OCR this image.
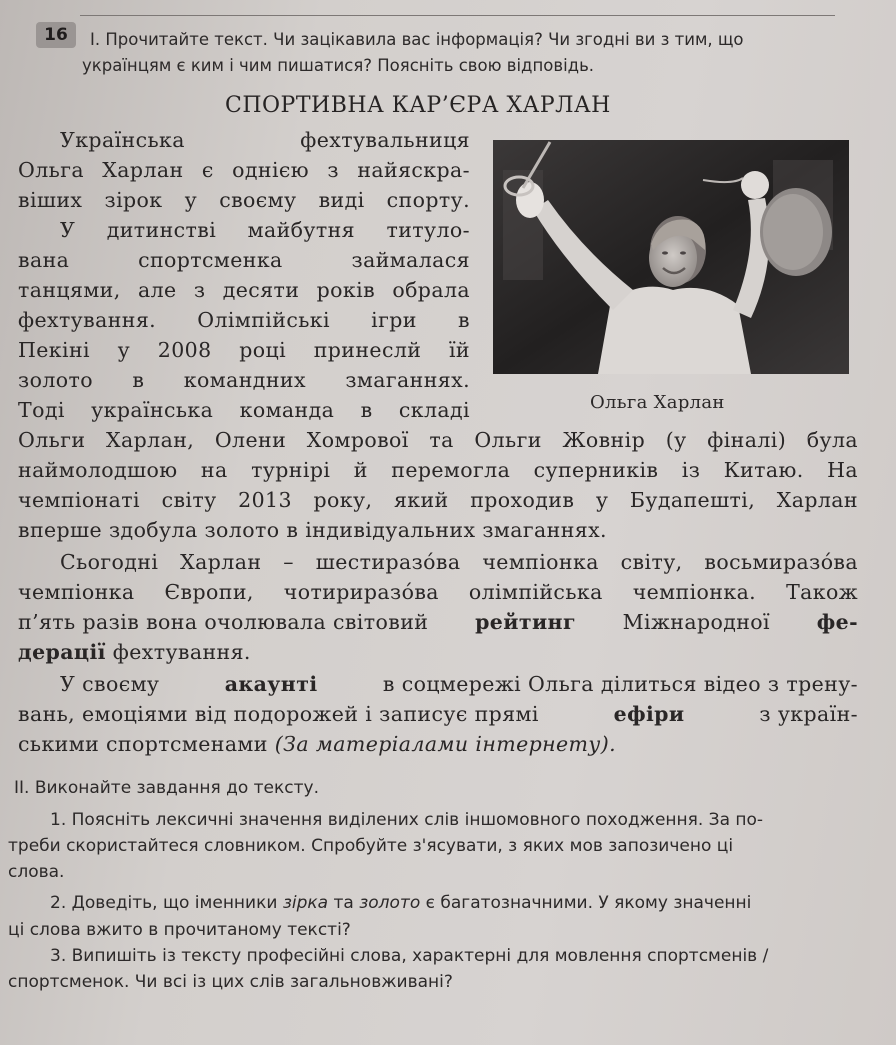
16	I. Прочитайте текст. Чи зацікавила вас інформація? Чи згодні ви з тим, що
українцям є ким і чим пишатися? Поясніть свою відповідь.
СПОРТИВНА КАР’ЄРА ХАРЛАН
Українська фехтувальниця
Ольга Харлан є однією з найяскра-
віших зірок у своєму виді спорту.
У дитинстві майбутня титуло-
вана спортсменка займалася
танцями, але з десяти років обрала
фехтування. Олімпійські ігри в
Пекіні у 2008 році принеслй їй
золото в командних змаганнях.
Тоді українська команда в складі	Ольга Харлан
Ольги Харлан, Олени Хомрової та Ольги Жовнір (у фіналі) була
наймолодшою на турнірі й перемогла суперників із Китаю. На
чемпіонаті світу 2013 року, який проходив у Будапешті, Харлан
вперше здобула золото в індивідуальних змаганнях.
Сьогодні Харлан – шестиразóва чемпіонка світу, восьмиразóва
чемпіонка Європи, чотириразóва олімпійська чемпіонка. Також
п’ять разів вона очолювала світовий рейтинг Міжнародної фе-
дерації фехтування.
У своєму	акаунті	в соцмережі Ольга ділиться відео з трену-
вань, емоціями від подорожей і записує прямі	ефіри	з україн-
ськими спортсменами (За матеріалами інтернету).
II. Виконайте завдання до тексту.
1. Поясніть лексичні значення виділених слів іншомовного походження. За по-
треби скористайтеся словником. Спробуйте з'ясувати, з яких мов запозичено ці
слова.
2. Доведіть, що іменники зірка та золото є багатозначними. У якому значенні
ці слова вжито в прочитаному тексті?
3. Випишіть із тексту професійні слова, характерні для мовлення спортсменів /
спортсменок. Чи всі із цих слів загальновживані?
